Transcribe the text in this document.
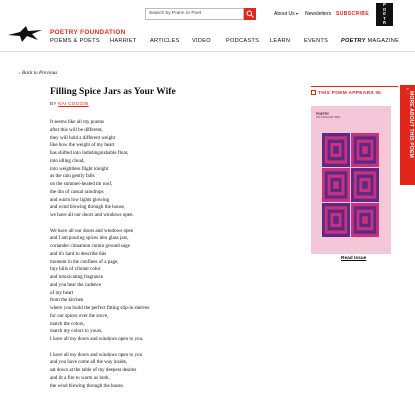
POETRY FOUNDATION
Search by Poem or Poet	About Us ▾ Newsletters SUBSCRIBE
P
O
E
T
R
POEMS & POETS HARRIET ARTICLES VIDEO	PODCASTS LEARN EVENTS POETRY MAGAZINE
‹ Back to Previous
Filling Spice Jars as Your Wife
BY KAI COGGIN
It seems like all my poems
after this will be different,
they will hold a different weight
like how the weight of my heart
has shifted into indistinguishable float,
into idling cloud,
into weightless flight tonight
as the rain gently falls
on the summer-heated tin roof,
the din of casual raindrops
and warm low lights glowing
and wind blowing through the house,
we have all our doors and windows open.
We have all our doors and windows open
and I am pouring spices into glass jars,
coriander cinnamon cumin ground sage
and it's hard to describe this
moment in the confines of a page,
tiny hills of vibrant color
and intoxicating fragrance
and you hear the cadence
of my heart
from the kitchen
where you build the perfect fitting slip-in shelves
for our spices over the stove,
match the colors,
match my colors to yours,
I have all my doors and windows open to you.
I have all my doors and windows open to you
and you have come all the way inside,
sat down at the table of my deepest desires
and lit a fire to warm us both,
the wind blowing through the house.
THIS POEM APPEARS IN
POETRY
JULY/AUGUST 2021
Read Issue
MORE ABOUT THIS POEM
›
